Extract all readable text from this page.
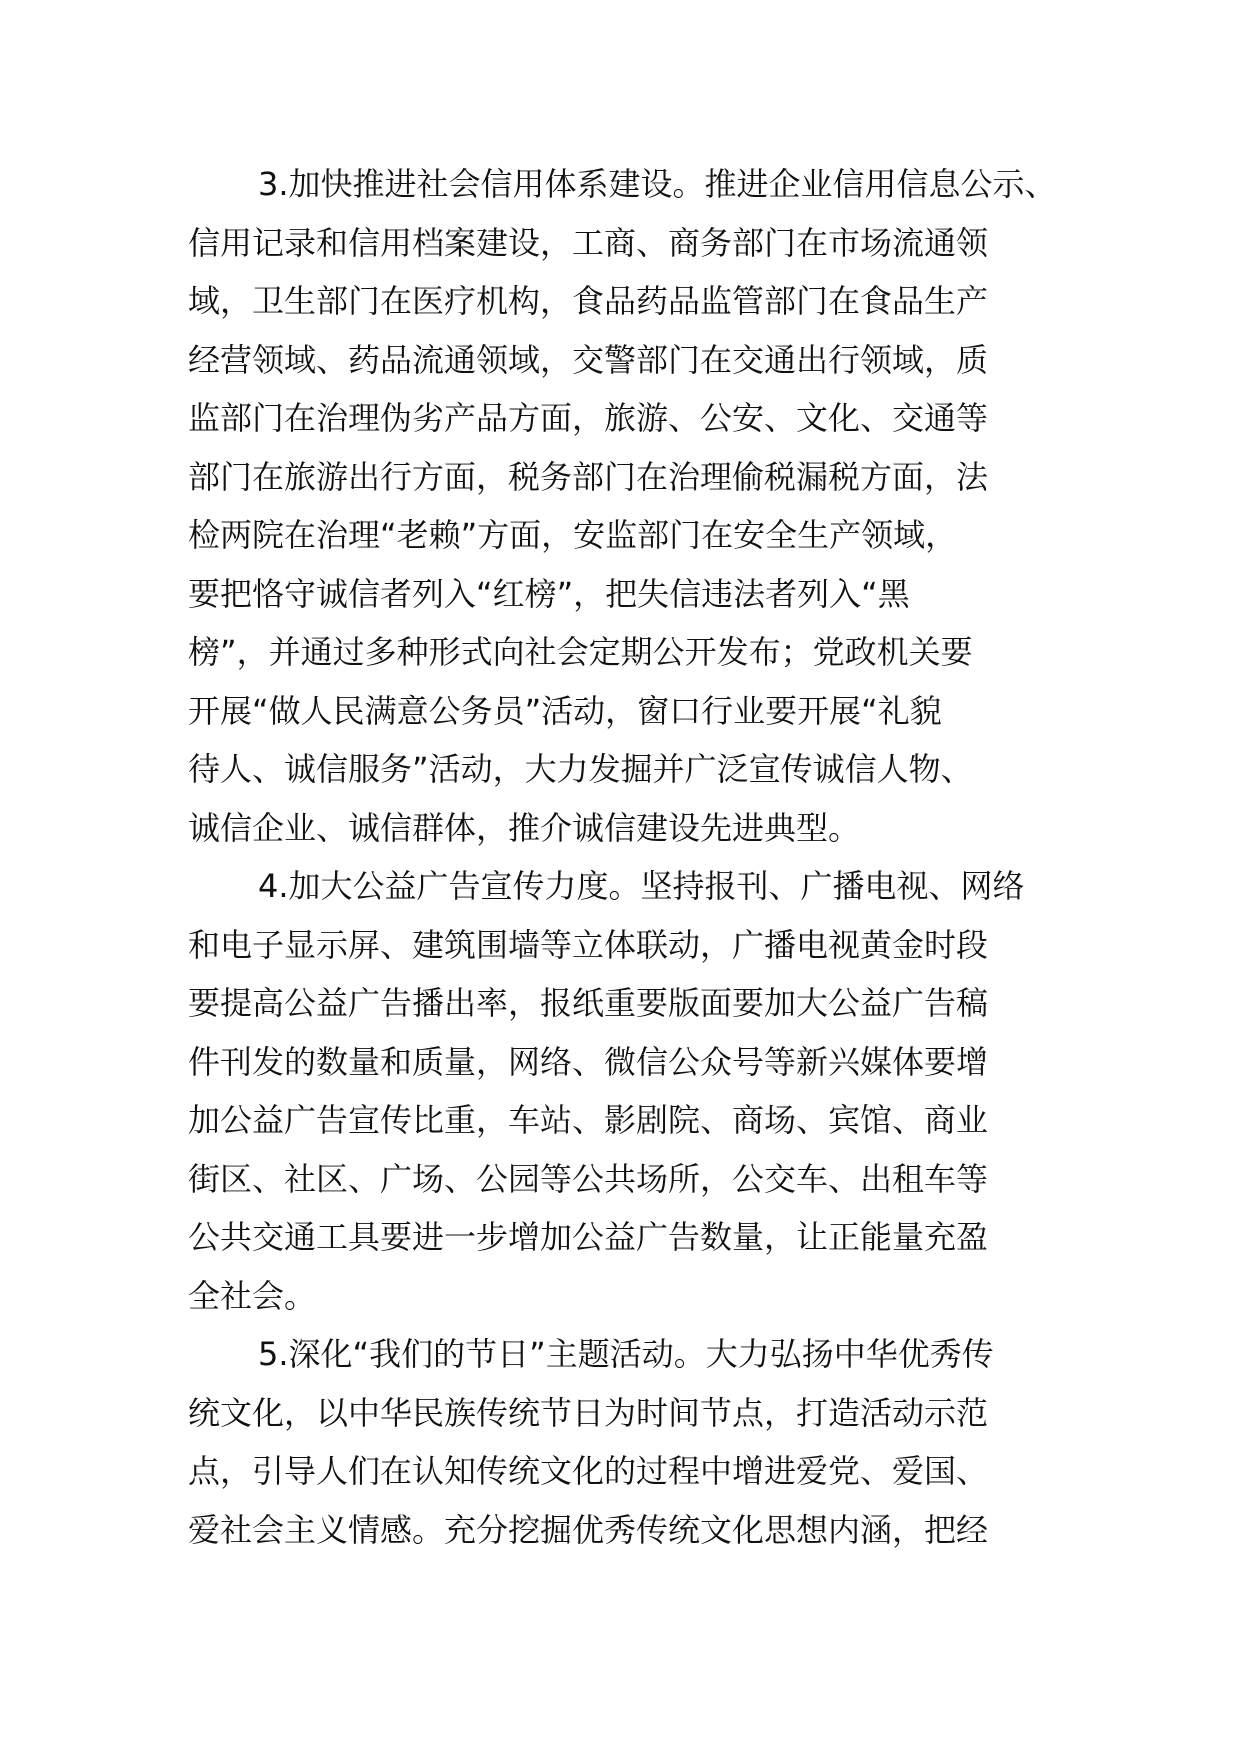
3.加快推进社会信用体系建设。推进企业信用信息公示、
信用记录和信用档案建设，工商、商务部门在市场流通领
域，卫生部门在医疗机构，食品药品监管部门在食品生产
经营领域、药品流通领域，交警部门在交通出行领域，质
监部门在治理伪劣产品方面，旅游、公安、文化、交通等
部门在旅游出行方面，税务部门在治理偷税漏税方面，法
检两院在治理“老赖”方面，安监部门在安全生产领域，
要把恪守诚信者列入“红榜”，把失信违法者列入“黑
榜”，并通过多种形式向社会定期公开发布；党政机关要
开展“做人民满意公务员”活动，窗口行业要开展“礼貌
待人、诚信服务”活动，大力发掘并广泛宣传诚信人物、
诚信企业、诚信群体，推介诚信建设先进典型。
4.加大公益广告宣传力度。坚持报刊、广播电视、网络
和电子显示屏、建筑围墙等立体联动，广播电视黄金时段
要提高公益广告播出率，报纸重要版面要加大公益广告稿
件刊发的数量和质量，网络、微信公众号等新兴媒体要增
加公益广告宣传比重，车站、影剧院、商场、宾馆、商业
街区、社区、广场、公园等公共场所，公交车、出租车等
公共交通工具要进一步增加公益广告数量，让正能量充盈
全社会。
5.深化“我们的节日”主题活动。大力弘扬中华优秀传
统文化，以中华民族传统节日为时间节点，打造活动示范
点，引导人们在认知传统文化的过程中增进爱党、爱国、
爱社会主义情感。充分挖掘优秀传统文化思想内涵，把经
